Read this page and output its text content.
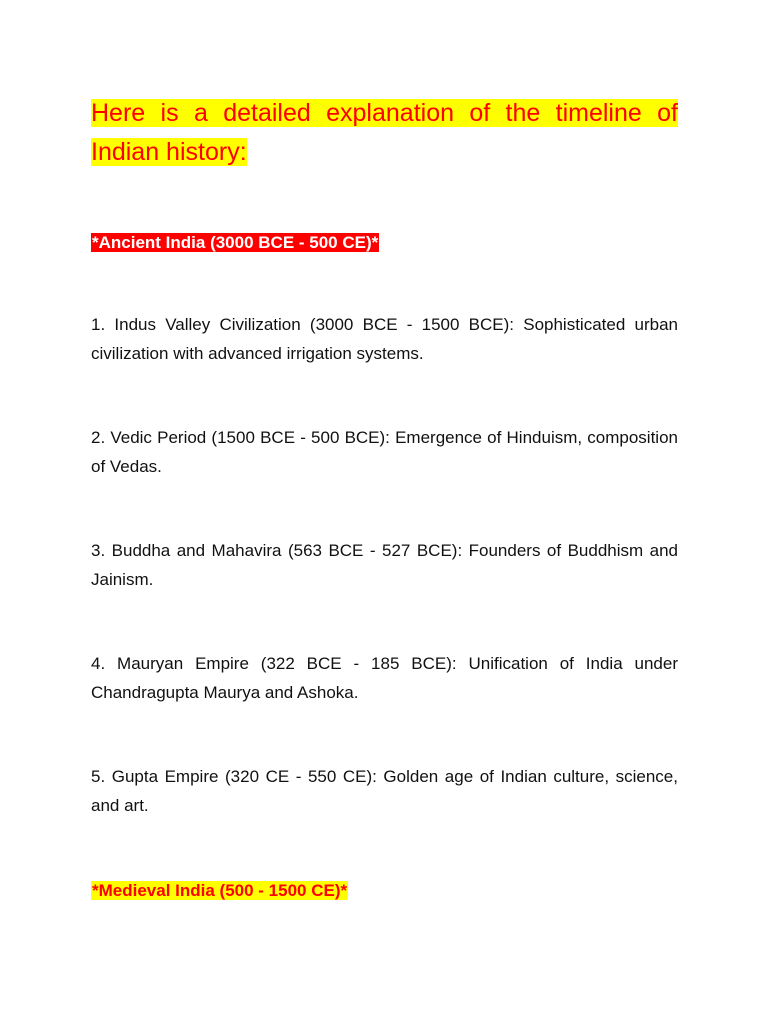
Here is a detailed explanation of the timeline of Indian history:
*Ancient India (3000 BCE - 500 CE)*

1. Indus Valley Civilization (3000 BCE - 1500 BCE): Sophisticated urban civilization with advanced irrigation systems.

2. Vedic Period (1500 BCE - 500 BCE): Emergence of Hinduism, composition of Vedas.

3. Buddha and Mahavira (563 BCE - 527 BCE): Founders of Buddhism and Jainism.

4. Mauryan Empire (322 BCE - 185 BCE): Unification of India under Chandragupta Maurya and Ashoka.

5. Gupta Empire (320 CE - 550 CE): Golden age of Indian culture, science, and art.

*Medieval India (500 - 1500 CE)*
